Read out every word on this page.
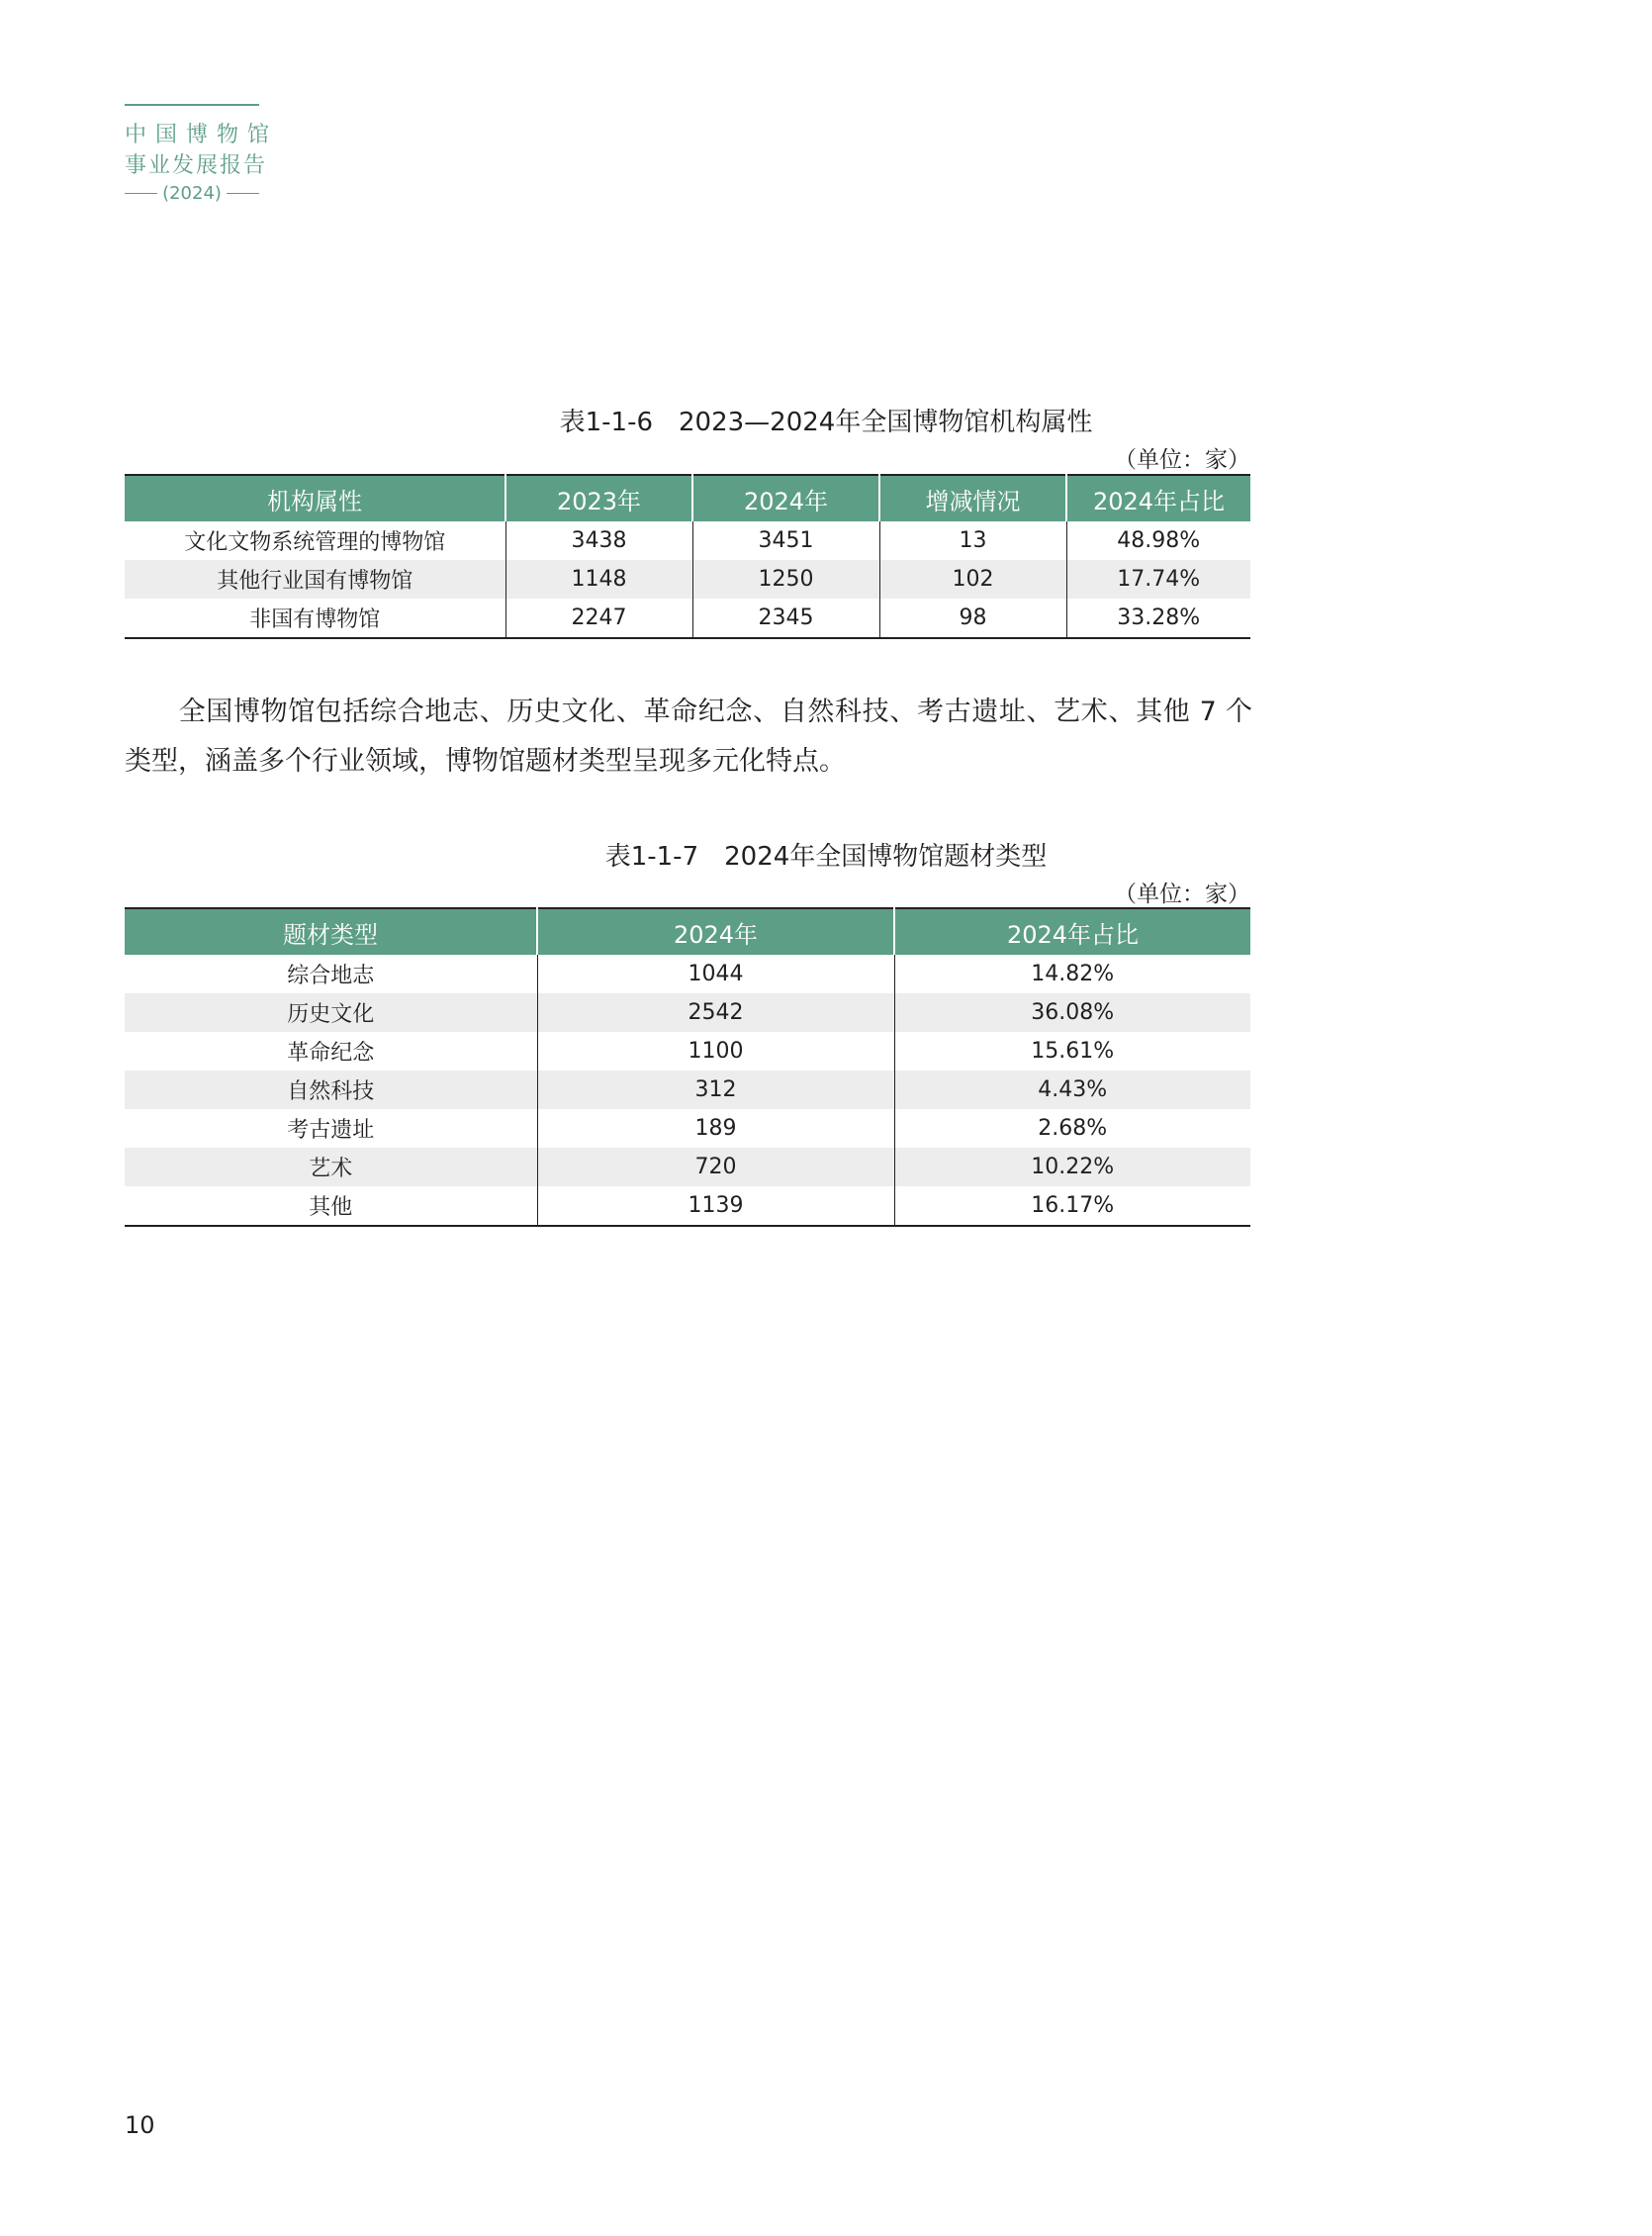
中国博物馆
事业发展报告
(2024)
表1-1-6 2023—2024年全国博物馆机构属性
（单位：家）
机构属性	2023年	2024年	增减情况	2024年占比
文化文物系统管理的博物馆	3438	3451	13	48.98%
其他行业国有博物馆	1148	1250	102	17.74%
非国有博物馆	2247	2345	98	33.28%
全国博物馆包括综合地志、历史文化、革命纪念、自然科技、考古遗址、艺术、其他 7 个类型，涵盖多个行业领域，博物馆题材类型呈现多元化特点。
表1-1-7 2024年全国博物馆题材类型
（单位：家）
题材类型	2024年	2024年占比
综合地志	1044	14.82%
历史文化	2542	36.08%
革命纪念	1100	15.61%
自然科技	312	4.43%
考古遗址	189	2.68%
艺术	720	10.22%
其他	1139	16.17%
10
